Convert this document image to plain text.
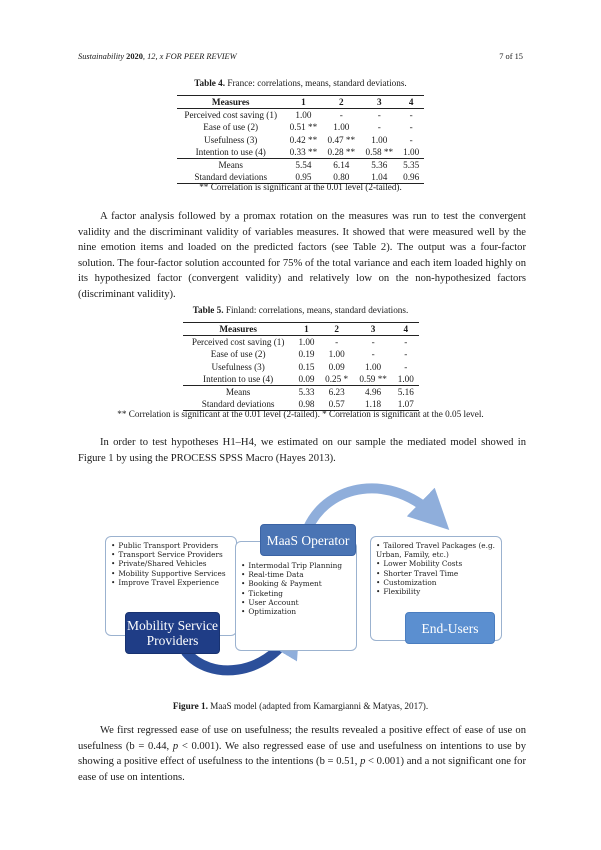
Sustainability 2020, 12, x FOR PEER REVIEW	7 of 15
Table 4. France: correlations, means, standard deviations.
Measures	1	2	3	4
Perceived cost saving (1)	1.00	-	-	-
Ease of use (2)	0.51 **	1.00	-	-
Usefulness (3)	0.42 **	0.47 **	1.00	-
Intention to use (4)	0.33 **	0.28 **	0.58 **	1.00
Means	5.54	6.14	5.36	5.35
Standard deviations	0.95	0.80	1.04	0.96
** Correlation is significant at the 0.01 level (2-tailed).
A factor analysis followed by a promax rotation on the measures was run to test the convergent validity and the discriminant validity of variables measures. It showed that were measured well by the nine emotion items and loaded on the predicted factors (see Table 2). The output was a four-factor solution. The four-factor solution accounted for 75% of the total variance and each item loaded highly on its hypothesized factor (convergent validity) and relatively low on the non-hypothesized factors (discriminant validity).
Table 5. Finland: correlations, means, standard deviations.
Measures	1	2	3	4
Perceived cost saving (1)	1.00	-	-	-
Ease of use (2)	0.19	1.00	-	-
Usefulness (3)	0.15	0.09	1.00	-
Intention to use (4)	0.09	0.25 *	0.59 **	1.00
Means	5.33	6.23	4.96	5.16
Standard deviations	0.98	0.57	1.18	1.07
** Correlation is significant at the 0.01 level (2-tailed). * Correlation is significant at the 0.05 level.
In order to test hypotheses H1–H4, we estimated on our sample the mediated model showed in Figure 1 by using the PROCESS SPSS Macro (Hayes 2013).
• Public Transport Providers
• Transport Service Providers
• Private/Shared Vehicles
• Mobility Supportive Services
• Improve Travel Experience
• Intermodal Trip Planning
• Real-time Data
• Booking & Payment
• Ticketing
• User Account
• Optimization
• Tailored Travel Packages (e.g. Urban, Family, etc.)
• Lower Mobility Costs
• Shorter Travel Time
• Customization
• Flexibility
MaaS Operator
Mobility Service Providers
End-Users
Figure 1. MaaS model (adapted from Kamargianni & Matyas, 2017).
We first regressed ease of use on usefulness; the results revealed a positive effect of ease of use on usefulness (b = 0.44, p < 0.001). We also regressed ease of use and usefulness on intentions to use by showing a positive effect of usefulness to the intentions (b = 0.51, p < 0.001) and a not significant one for ease of use on intentions.
